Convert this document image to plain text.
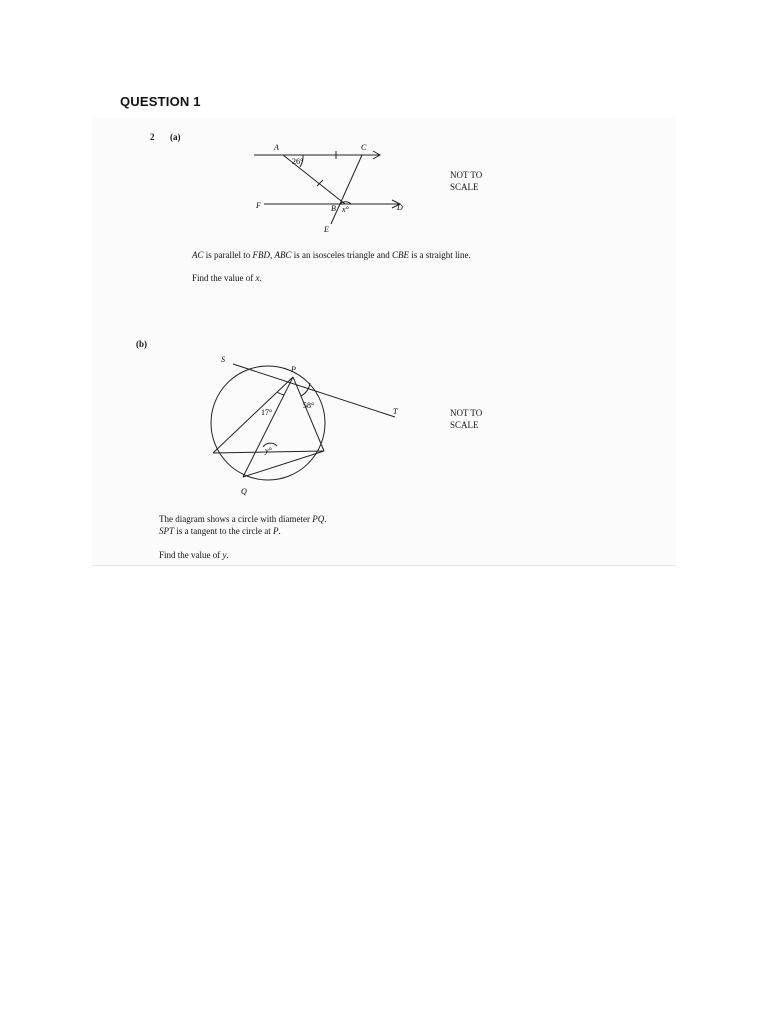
QUESTION 1
2 (a)
A	C
F	B	D
E
26°
x°
NOT TO
SCALE
AC is parallel to FBD, ABC is an isosceles triangle and CBE is a straight line.
Find the value of x.
(b)
S
P
T
Q
17°
58°
y°
NOT TO
SCALE
The diagram shows a circle with diameter PQ.
SPT is a tangent to the circle at P.
Find the value of y.
